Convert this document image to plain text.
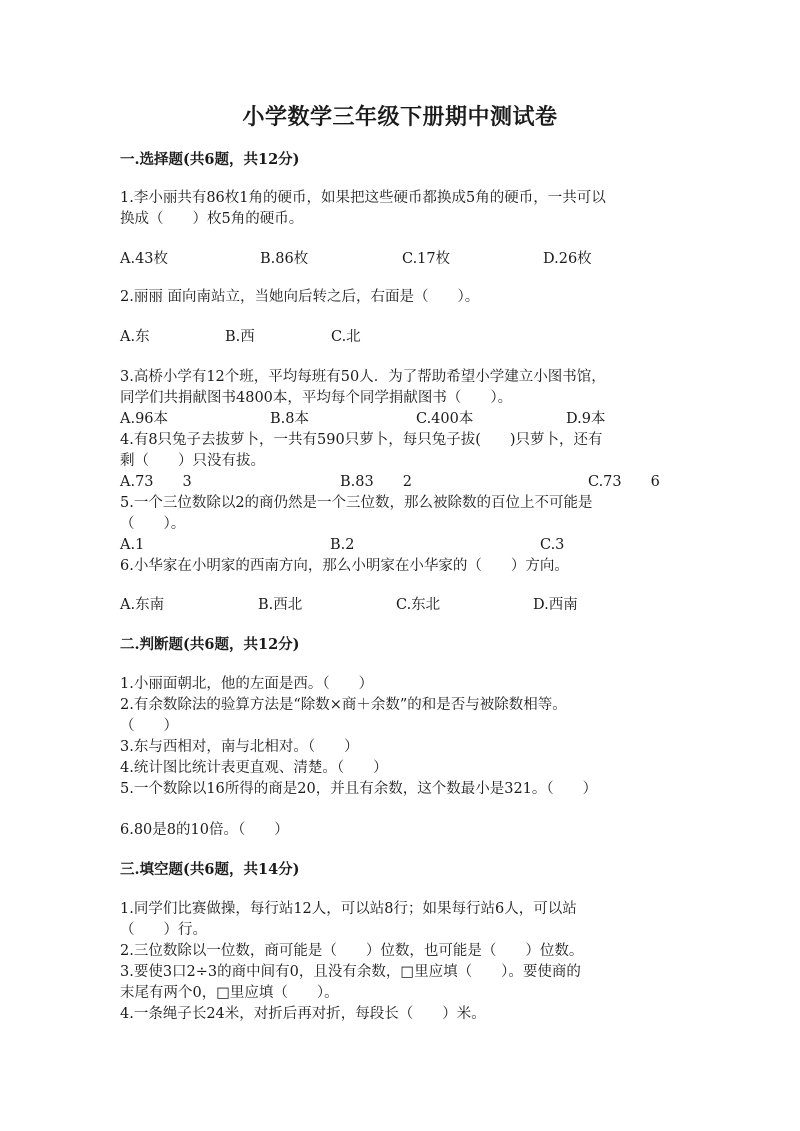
小学数学三年级下册期中测试卷
一.选择题(共6题，共12分)
1.李小丽共有86枚1角的硬币，如果把这些硬币都换成5角的硬币，一共可以
换成（　　）枚5角的硬币。
A.43枚	B.86枚	C.17枚	D.26枚
2.丽丽 面向南站立，当她向后转之后，右面是（　　）。
A.东	B.西	C.北
3.高桥小学有12个班，平均每班有50人．为了帮助希望小学建立小图书馆，
同学们共捐献图书4800本，平均每个同学捐献图书（　　）。
A.96本	B.8本	C.400本	D.9本
4.有8只兔子去拔萝卜，一共有590只萝卜，每只兔子拔(　　)只萝卜，还有
剩（　　）只没有拔。
A.73　　3	B.83　　2	C.73　　6
5.一个三位数除以2的商仍然是一个三位数，那么被除数的百位上不可能是
（　　）。
A.1	B.2	C.3
6.小华家在小明家的西南方向，那么小明家在小华家的（　　）方向。
A.东南	B.西北	C.东北	D.西南
二.判断题(共6题，共12分)
1.小丽面朝北，他的左面是西。（　　）
2.有余数除法的验算方法是“除数×商＋余数”的和是否与被除数相等。
（　　）
3.东与西相对，南与北相对。（　　）
4.统计图比统计表更直观、清楚。（　　）
5.一个数除以16所得的商是20，并且有余数，这个数最小是321。（　　）
6.80是8的10倍。（　　）
三.填空题(共6题，共14分)
1.同学们比赛做操，每行站12人，可以站8行；如果每行站6人，可以站
（　　）行。
2.三位数除以一位数，商可能是（　　）位数，也可能是（　　）位数。
3.要使3口2÷3的商中间有0，且没有余数，□里应填（　　）。要使商的
末尾有两个0，□里应填（　　）。
4.一条绳子长24米，对折后再对折，每段长（　　）米。
